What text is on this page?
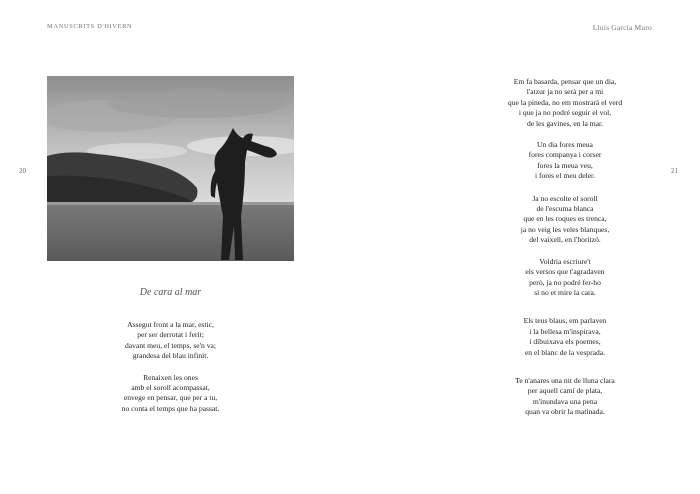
MANUSCRITS D'HIVERN
20
De cara al mar
Assegut front a la mar, estic,
per ser derrotat i ferit;
davant meu, el temps, se'n va;
grandesa del blau infinit.
Renaixen les ones
amb el soroll acompassat,
envege en pensar, que per a tu,
no conta el temps que ha passat.
Lluís Garcia Muro
21
Em fa basarda, pensar que un dia,
l'atzur ja no serà per a mi
que la pineda, no em mostrarà el verd
i que ja no podré seguir el vol,
de les gavines, en la mar.
Un dia fores meua
fores companya i corser
fores la meua veu,
i fores el meu deler.
Ja no escolte el soroll
de l'escuma blanca
que en les roques es trenca,
ja no veig les veles blanques,
del vaixell, en l'horitzó.
Voldria escriure't
els versos que t'agradaven
però, ja no podré fer-ho
si no et mire la cara.
Els teus blaus, em parlaven
i la bellesa m'inspirava,
i dibuixava els poemes,
en el blanc de la vesprada.
Te n'anares una nit de lluna clara
per aquell camí de plata,
m'inundava una pena
quan va obrir la matinada.
